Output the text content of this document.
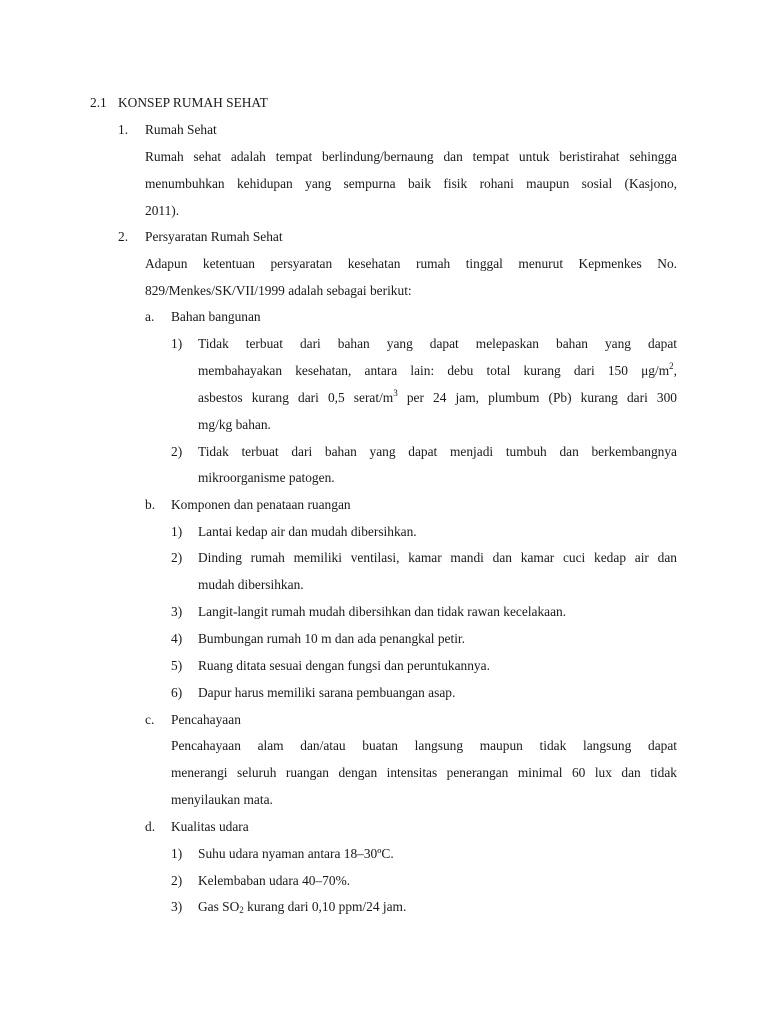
2.1 KONSEP RUMAH SEHAT
1. Rumah Sehat
Rumah sehat adalah tempat berlindung/bernaung dan tempat untuk beristirahat sehingga
menumbuhkan kehidupan yang sempurna baik fisik rohani maupun sosial (Kasjono,
2011).
2. Persyaratan Rumah Sehat
Adapun ketentuan persyaratan kesehatan rumah tinggal menurut Kepmenkes No.
829/Menkes/SK/VII/1999 adalah sebagai berikut:
a. Bahan bangunan
1) Tidak terbuat dari bahan yang dapat melepaskan bahan yang dapat
membahayakan kesehatan, antara lain: debu total kurang dari 150 $\mu g/m^2$,
asbestos kurang dari 0,5 serat/$m^3$ per 24 jam, plumbum (Pb) kurang dari 300
mg/kg bahan.
2) Tidak terbuat dari bahan yang dapat menjadi tumbuh dan berkembangnya
mikroorganisme patogen.
b. Komponen dan penataan ruangan
1) Lantai kedap air dan mudah dibersihkan.
2) Dinding rumah memiliki ventilasi, kamar mandi dan kamar cuci kedap air dan
mudah dibersihkan.
3) Langit-langit rumah mudah dibersihkan dan tidak rawan kecelakaan.
4) Bumbungan rumah 10 m dan ada penangkal petir.
5) Ruang ditata sesuai dengan fungsi dan peruntukannya.
6) Dapur harus memiliki sarana pembuangan asap.
c. Pencahayaan
Pencahayaan alam dan/atau buatan langsung maupun tidak langsung dapat
menerangi seluruh ruangan dengan intensitas penerangan minimal 60 lux dan tidak
menyilaukan mata.
d. Kualitas udara
1) Suhu udara nyaman antara 18–30ºC.
2) Kelembaban udara 40–70%.
3) Gas $SO_2$ kurang dari 0,10 ppm/24 jam.
